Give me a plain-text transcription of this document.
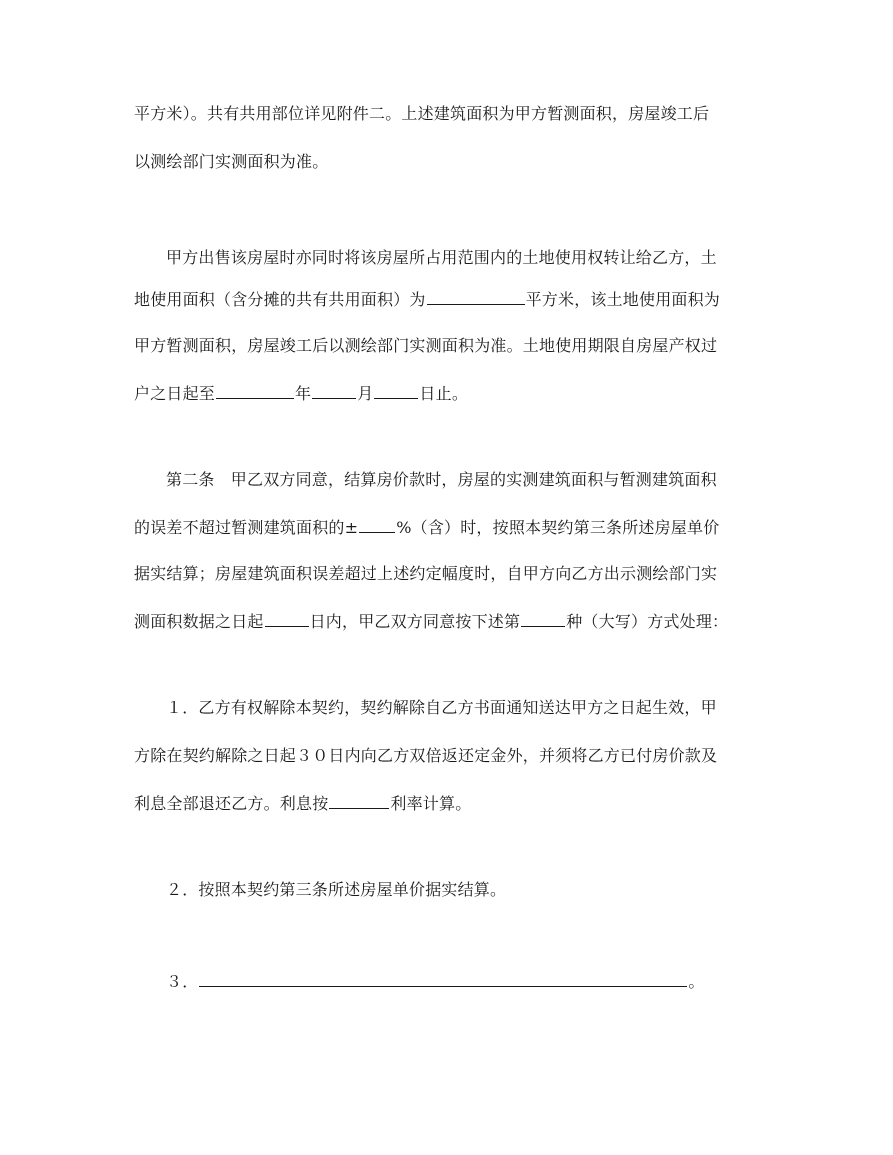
平方米）。共有共用部位详见附件二。上述建筑面积为甲方暂测面积，房屋竣工后
以测绘部门实测面积为准。
甲方出售该房屋时亦同时将该房屋所占用范围内的土地使用权转让给乙方，土
地使用面积（含分摊的共有共用面积）为	平方米，该土地使用面积为
甲方暂测面积，房屋竣工后以测绘部门实测面积为准。土地使用期限自房屋产权过
户之日起至	年	月	日止。
第二条　甲乙双方同意，结算房价款时，房屋的实测建筑面积与暂测建筑面积
的误差不超过暂测建筑面积的± %（含）时，按照本契约第三条所述房屋单价
据实结算；房屋建筑面积误差超过上述约定幅度时，自甲方向乙方出示测绘部门实
测面积数据之日起	日内，甲乙双方同意按下述第	种（大写）方式处理：
１．乙方有权解除本契约，契约解除自乙方书面通知送达甲方之日起生效，甲
方除在契约解除之日起３０日内向乙方双倍返还定金外，并须将乙方已付房价款及
利息全部退还乙方。利息按	利率计算。
２．按照本契约第三条所述房屋单价据实结算。
３．	。
